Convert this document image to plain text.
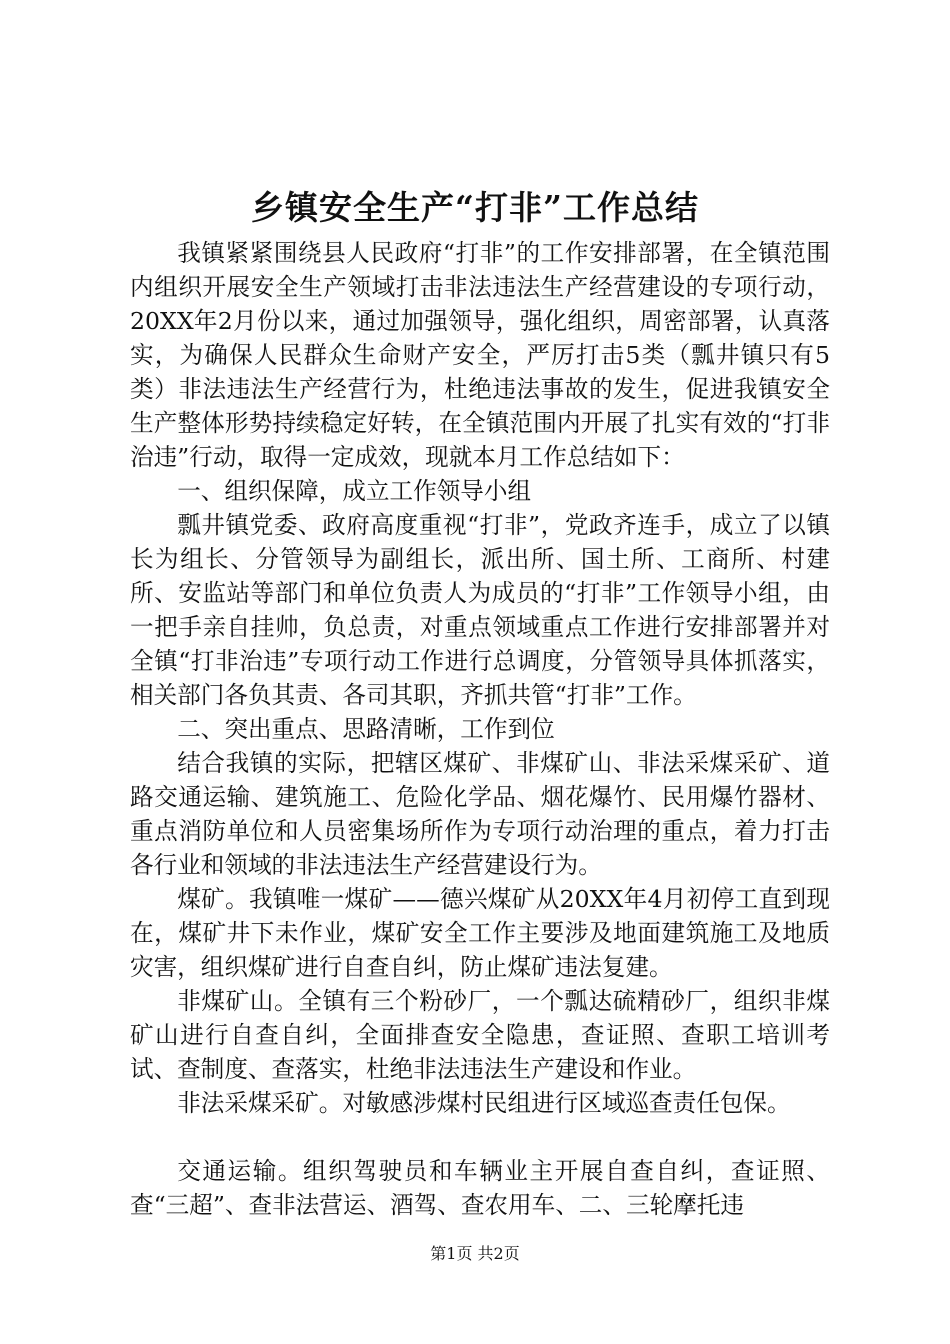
乡镇安全生产“打非”工作总结

我镇紧紧围绕县人民政府“打非”的工作安排部署，在全镇范围内组织开展安全生产领域打击非法违法生产经营建设的专项行动，20XX年2月份以来，通过加强领导，强化组织，周密部署，认真落实，为确保人民群众生命财产安全，严厉打击5类（瓢井镇只有5类）非法违法生产经营行为，杜绝违法事故的发生，促进我镇安全生产整体形势持续稳定好转，在全镇范围内开展了扎实有效的“打非治违”行动，取得一定成效，现就本月工作总结如下：

一、组织保障，成立工作领导小组

瓢井镇党委、政府高度重视“打非”，党政齐连手，成立了以镇长为组长、分管领导为副组长，派出所、国土所、工商所、村建所、安监站等部门和单位负责人为成员的“打非”工作领导小组，由一把手亲自挂帅，负总责，对重点领域重点工作进行安排部署并对全镇“打非治违”专项行动工作进行总调度，分管领导具体抓落实，相关部门各负其责、各司其职，齐抓共管“打非”工作。

二、突出重点、思路清晰，工作到位

结合我镇的实际，把辖区煤矿、非煤矿山、非法采煤采矿、道路交通运输、建筑施工、危险化学品、烟花爆竹、民用爆竹器材、重点消防单位和人员密集场所作为专项行动治理的重点，着力打击各行业和领域的非法违法生产经营建设行为。

煤矿。我镇唯一煤矿——德兴煤矿从20XX年4月初停工直到现在，煤矿井下未作业，煤矿安全工作主要涉及地面建筑施工及地质灾害，组织煤矿进行自查自纠，防止煤矿违法复建。

非煤矿山。全镇有三个粉砂厂，一个瓢达硫精砂厂，组织非煤矿山进行自查自纠，全面排查安全隐患，查证照、查职工培训考试、查制度、查落实，杜绝非法违法生产建设和作业。

非法采煤采矿。对敏感涉煤村民组进行区域巡查责任包保。

交通运输。组织驾驶员和车辆业主开展自查自纠，查证照、查“三超”、查非法营运、酒驾、查农用车、二、三轮摩托违

第1页 共2页
